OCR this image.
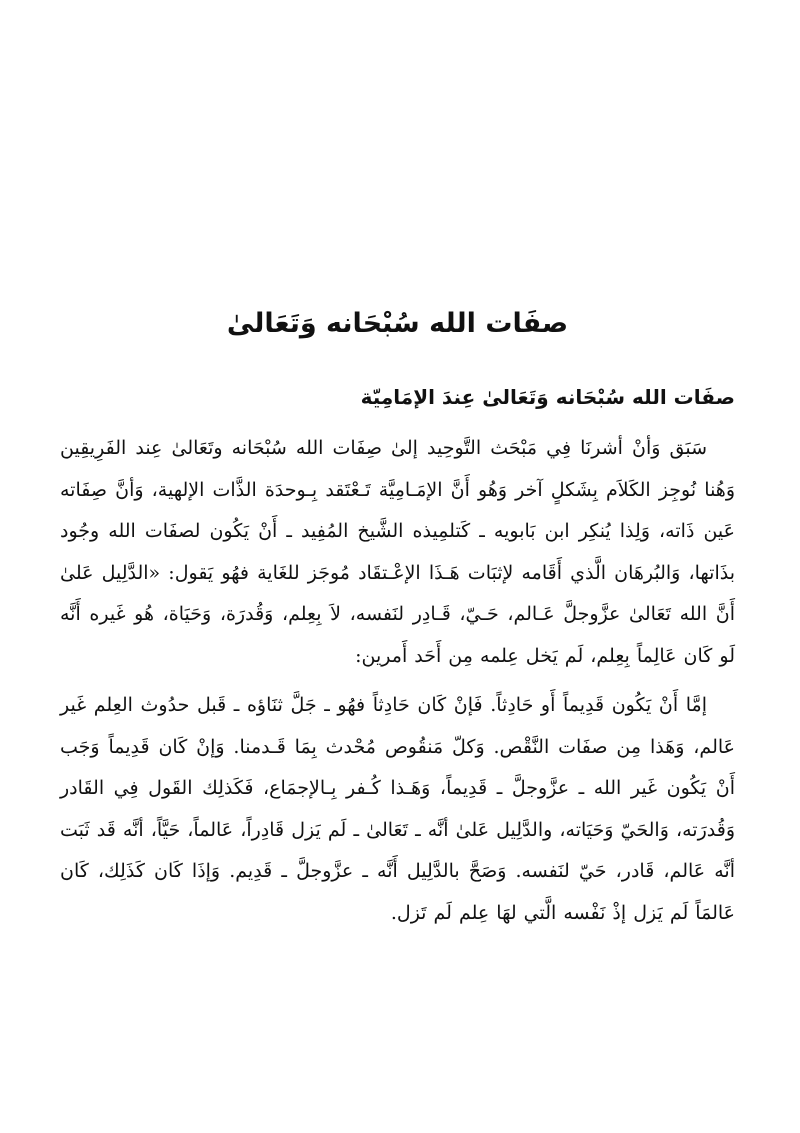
صفَات الله سُبْحَانه وَتَعَالىٰ
صفَات الله سُبْحَانه وَتَعَالىٰ عِندَ الإمَامِيّة

سَبَق وَأنْ أشرنَا فِي مَبْحَث التَّوحِيد إلىٰ صِفَات الله سُبْحَانه وتَعَالىٰ عِند الفَرِيقِين وَهُنا نُوجِز الكَلاَم بِشَكلٍ آخر وَهُو أَنَّ الإمَـامِيَّة تَـعْتَقد بِـوحدَة الذَّات الإلهية، وَأنَّ صِفَاته عَين ذَاته، وَلِذا يُنكِر ابن بَابويه ـ كَتلمِيذه الشَّيخ المُفِيد ـ أَنْ يَكُون لصفَات الله وجُود بذَاتها، وَالبُرهَان الَّذي أَقَامه لإثبَات هَـذَا الإعْـتقَاد مُوجَز للغَاية فهُو يَقول: «الدَّلِيل عَلىٰ أَنَّ الله تَعَالىٰ عزَّوجلَّ عَـالم، حَـيّ، قَـادِر لنَفسه، لاَ بِعِلم، وَقُدرَة، وَحَيَاة، هُو غَيره أَنَّه لَو كَان عَالِماً بِعِلم، لَم يَخل عِلمه مِن أَحَد أَمرين:

إمَّا أَنْ يَكُون قَدِيماً أَو حَادِثاً. فَإنْ كَان حَادِثاً فهُو ـ جَلَّ ثنَاؤه ـ قَبل حدُوث العِلم غَير عَالم، وَهَذا مِن صفَات النَّقْص. وَكلّ مَنقُوص مُحْدث بِمَا قَـدمنا. وَإنْ كَان قَدِيماً وَجَب أَنْ يَكُون غَير الله ـ عزَّوجلَّ ـ قَدِيماً، وَهَـذا كُـفر بِـالإجمَاع، فَكَذلِك القَول فِي القَادر وَقُدرَته، وَالحَيّ وَحَيَاته، والدَّلِيل عَلىٰ أنَّه ـ تَعَالىٰ ـ لَم يَزل قَادِراً، عَالماً، حَيَّاً، أنَّه قَد ثَبَت أنَّه عَالم، قَادر، حَيّ لنَفسه. وَصَحَّ بالدَّلِيل أَنَّه ـ عزَّوجلَّ ـ قَدِيم. وَإذَا كَان كَذَلِك، كَان عَالمَاً لَم يَزل إذْ نَفْسه الَّتي لهَا عِلم لَم تَزل.
